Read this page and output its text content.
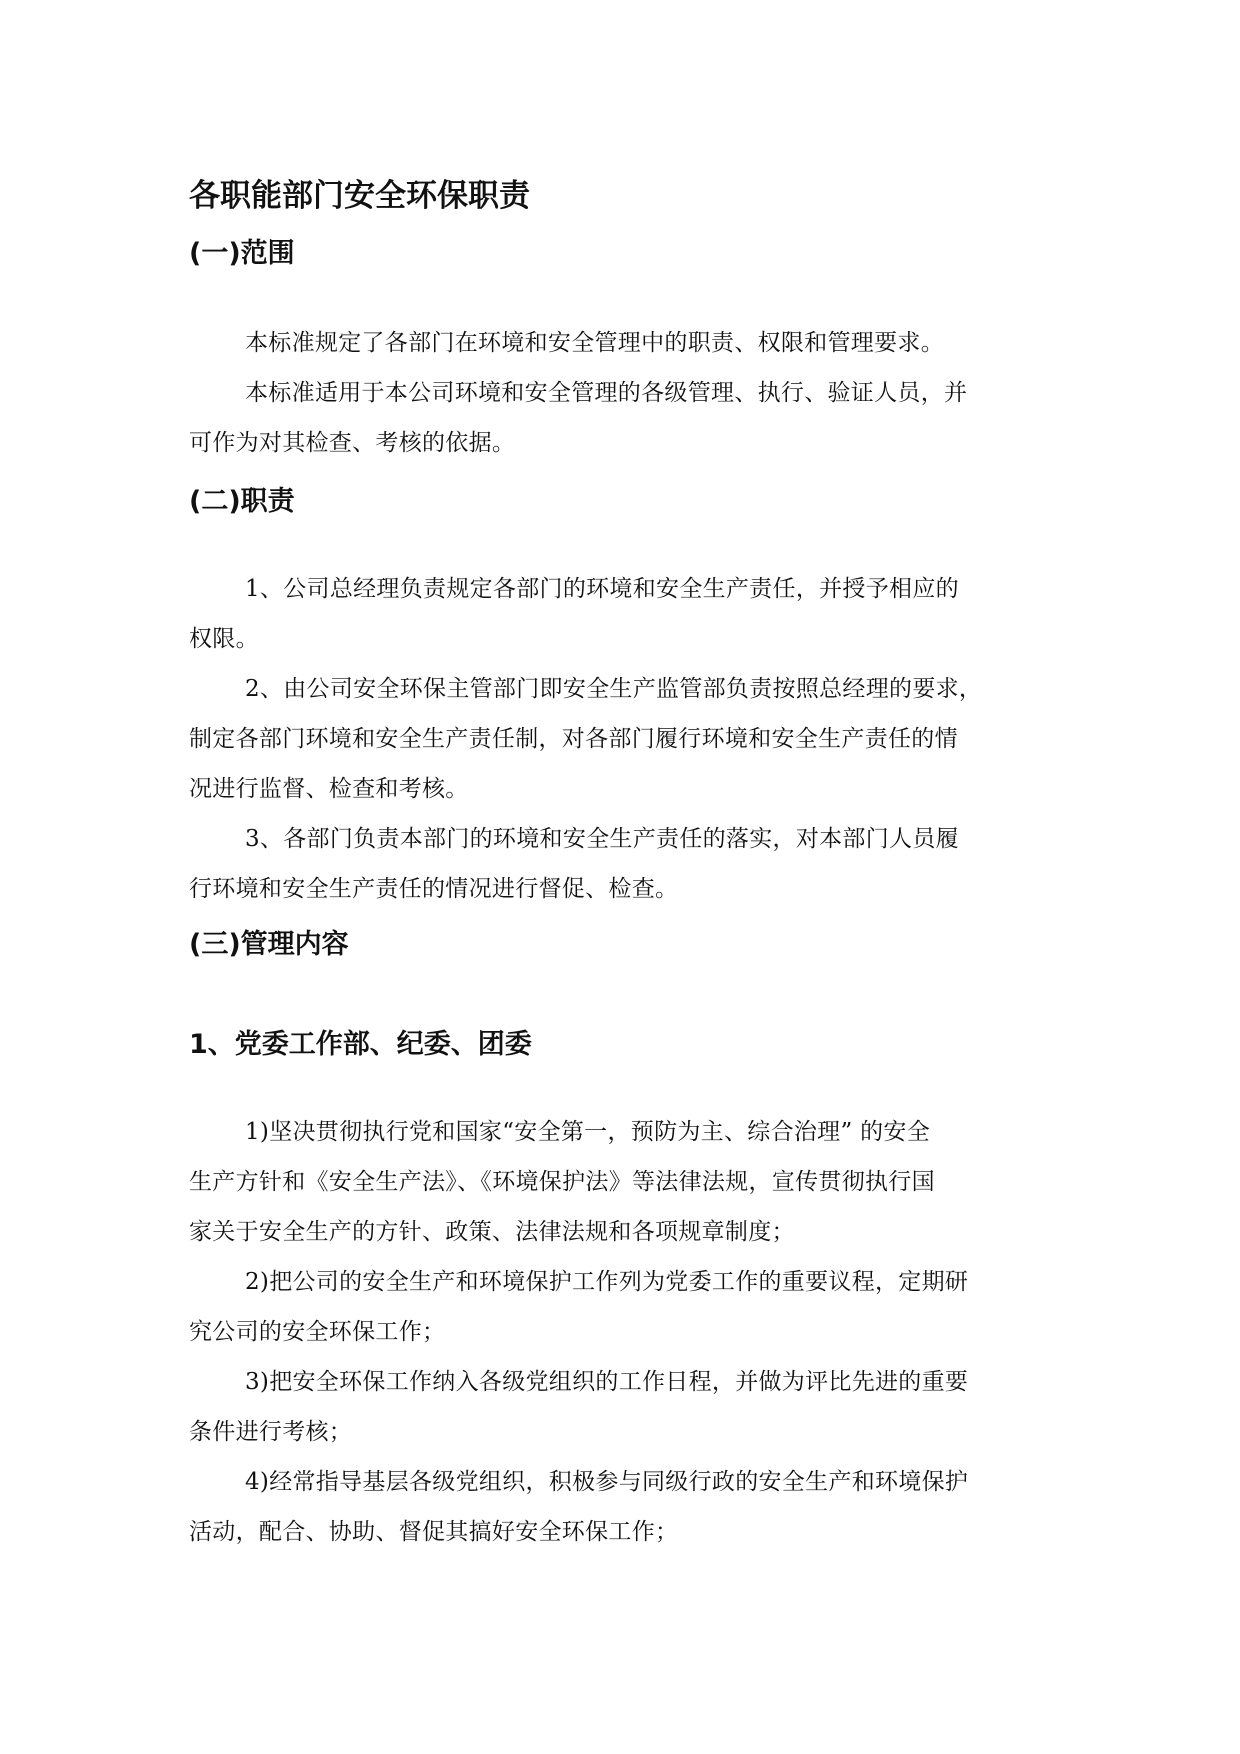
各职能部门安全环保职责
(一)范围

本标准规定了各部门在环境和安全管理中的职责、权限和管理要求。

本标准适用于本公司环境和安全管理的各级管理、执行、验证人员，并

可作为对其检查、考核的依据。

(二)职责

1、公司总经理负责规定各部门的环境和安全生产责任，并授予相应的

权限。

2、由公司安全环保主管部门即安全生产监管部负责按照总经理的要求，

制定各部门环境和安全生产责任制，对各部门履行环境和安全生产责任的情

况进行监督、检查和考核。

3、各部门负责本部门的环境和安全生产责任的落实，对本部门人员履

行环境和安全生产责任的情况进行督促、检查。

(三)管理内容
1、党委工作部、纪委、团委

1)坚决贯彻执行党和国家“安全第一，预防为主、综合治理” 的安全

生产方针和《安全生产法》、《环境保护法》等法律法规，宣传贯彻执行国

家关于安全生产的方针、政策、法律法规和各项规章制度；

2)把公司的安全生产和环境保护工作列为党委工作的重要议程，定期研

究公司的安全环保工作；

3)把安全环保工作纳入各级党组织的工作日程，并做为评比先进的重要

条件进行考核；

4)经常指导基层各级党组织，积极参与同级行政的安全生产和环境保护

活动，配合、协助、督促其搞好安全环保工作；
